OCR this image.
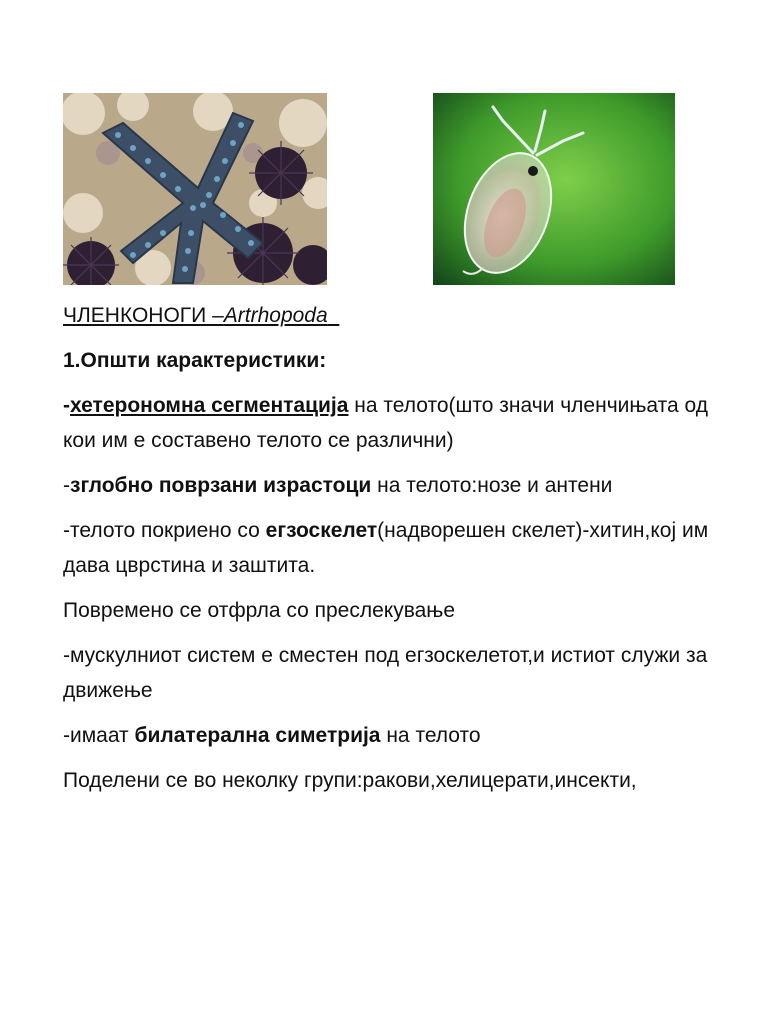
ЧЛЕНКОНОГИ –Artrhopoda

1.Општи карактеристики:

-хетерономна сегментација на телото(што значи членчињата од кои им е составено телото се различни)

-зглобно поврзани израстоци на телото:нозе и антени

-телото покриено со егзоскелет(надворешен скелет)-хитин,кој им дава цврстина и заштита.

Повремено се отфрла со преслекување

-мускулниот систем е сместен под егзоскелетот,и истиот служи за движење

-имаат билатерална симетрија на телото

Поделени се во неколку групи:ракови,хелицерати,инсекти,
